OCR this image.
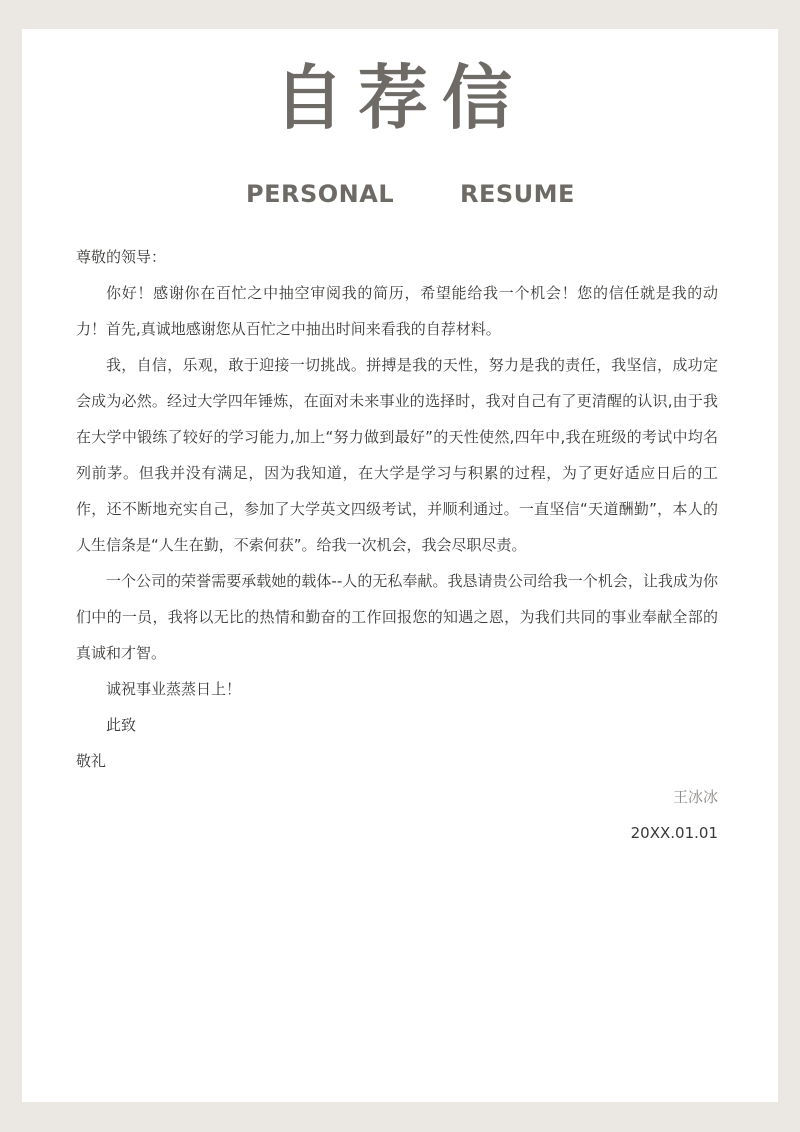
自荐信
PERSONAL	RESUME

尊敬的领导：

你好！感谢你在百忙之中抽空审阅我的简历，希望能给我一个机会！您的信任就是我的动力！首先,真诚地感谢您从百忙之中抽出时间来看我的自荐材料。

我，自信，乐观，敢于迎接一切挑战。拼搏是我的天性，努力是我的责任，我坚信，成功定会成为必然。经过大学四年锤炼，在面对未来事业的选择时，我对自己有了更清醒的认识,由于我在大学中锻练了较好的学习能力,加上“努力做到最好”的天性使然,四年中,我在班级的考试中均名列前茅。但我并没有满足，因为我知道，在大学是学习与积累的过程，为了更好适应日后的工作，还不断地充实自己，参加了大学英文四级考试，并顺利通过。一直坚信“天道酬勤”，本人的人生信条是“人生在勤，不索何获”。给我一次机会，我会尽职尽责。

一个公司的荣誉需要承载她的载体--人的无私奉献。我恳请贵公司给我一个机会，让我成为你们中的一员，我将以无比的热情和勤奋的工作回报您的知遇之恩，为我们共同的事业奉献全部的真诚和才智。

诚祝事业蒸蒸日上！

此致

敬礼

王冰冰

20XX.01.01
